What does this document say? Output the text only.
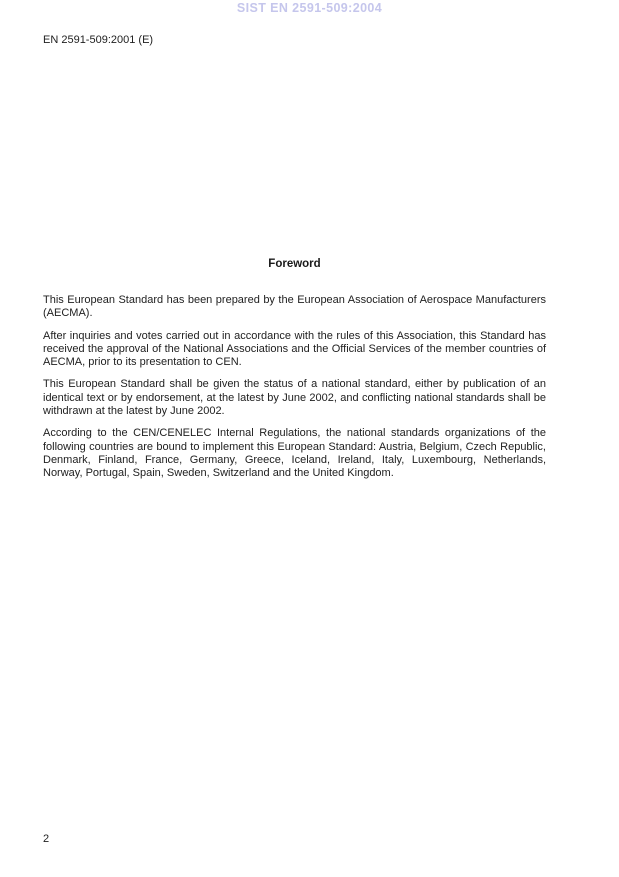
SIST EN 2591-509:2004
EN 2591-509:2001 (E)
Foreword

This European Standard has been prepared by the European Association of Aerospace Manufacturers (AECMA).

After inquiries and votes carried out in accordance with the rules of this Association, this Standard has received the approval of the National Associations and the Official Services of the member countries of AECMA, prior to its presentation to CEN.

This European Standard shall be given the status of a national standard, either by publication of an identical text or by endorsement, at the latest by June 2002, and conflicting national standards shall be withdrawn at the latest by June 2002.

According to the CEN/CENELEC Internal Regulations, the national standards organizations of the following countries are bound to implement this European Standard: Austria, Belgium, Czech Republic, Denmark, Finland, France, Germany, Greece, Iceland, Ireland, Italy, Luxembourg, Netherlands, Norway, Portugal, Spain, Sweden, Switzerland and the United Kingdom.

2
